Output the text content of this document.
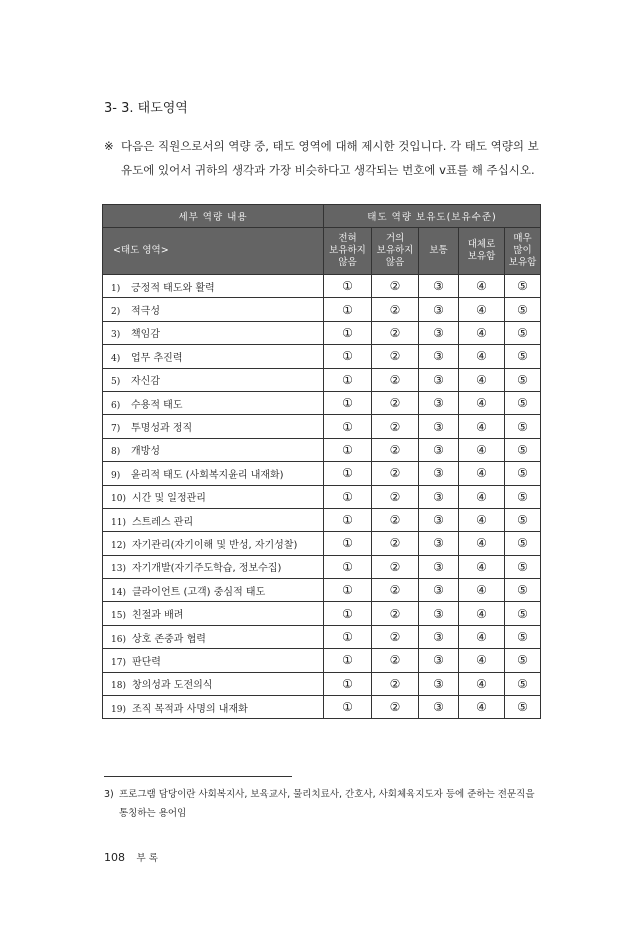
3- 3. 태도영역
※ 다음은 직원으로서의 역량 중, 태도 영역에 대해 제시한 것입니다. 각 태도 역량의 보유도에 있어서 귀하의 생각과 가장 비슷하다고 생각되는 번호에 v표를 해 주십시오.
세부 역량 내용	태도 역량 보유도(보유수준)				
<태도 영역>	전혀
보유하지
않음	거의
보유하지
않음	보통	대체로
보유함	매우
많이
보유함
1) 긍정적 태도와 활력	①	②	③	④	⑤
2) 적극성	①	②	③	④	⑤
3) 책임감	①	②	③	④	⑤
4) 업무 추진력	①	②	③	④	⑤
5) 자신감	①	②	③	④	⑤
6) 수용적 태도	①	②	③	④	⑤
7) 투명성과 정직	①	②	③	④	⑤
8) 개방성	①	②	③	④	⑤
9) 윤리적 태도 (사회복지윤리 내재화)	①	②	③	④	⑤
10) 시간 및 일정관리	①	②	③	④	⑤
11) 스트레스 관리	①	②	③	④	⑤
12) 자기관리(자기이해 및 반성, 자기성찰)	①	②	③	④	⑤
13) 자기개발(자기주도학습, 정보수집)	①	②	③	④	⑤
14) 클라이언트 (고객) 중심적 태도	①	②	③	④	⑤
15) 친절과 배려	①	②	③	④	⑤
16) 상호 존중과 협력	①	②	③	④	⑤
17) 판단력	①	②	③	④	⑤
18) 창의성과 도전의식	①	②	③	④	⑤
19) 조직 목적과 사명의 내재화	①	②	③	④	⑤
3) 프로그램 담당이란 사회복지사, 보육교사, 물리치료사, 간호사, 사회체육지도자 등에 준하는 전문직을 통칭하는 용어임
108 부 록
